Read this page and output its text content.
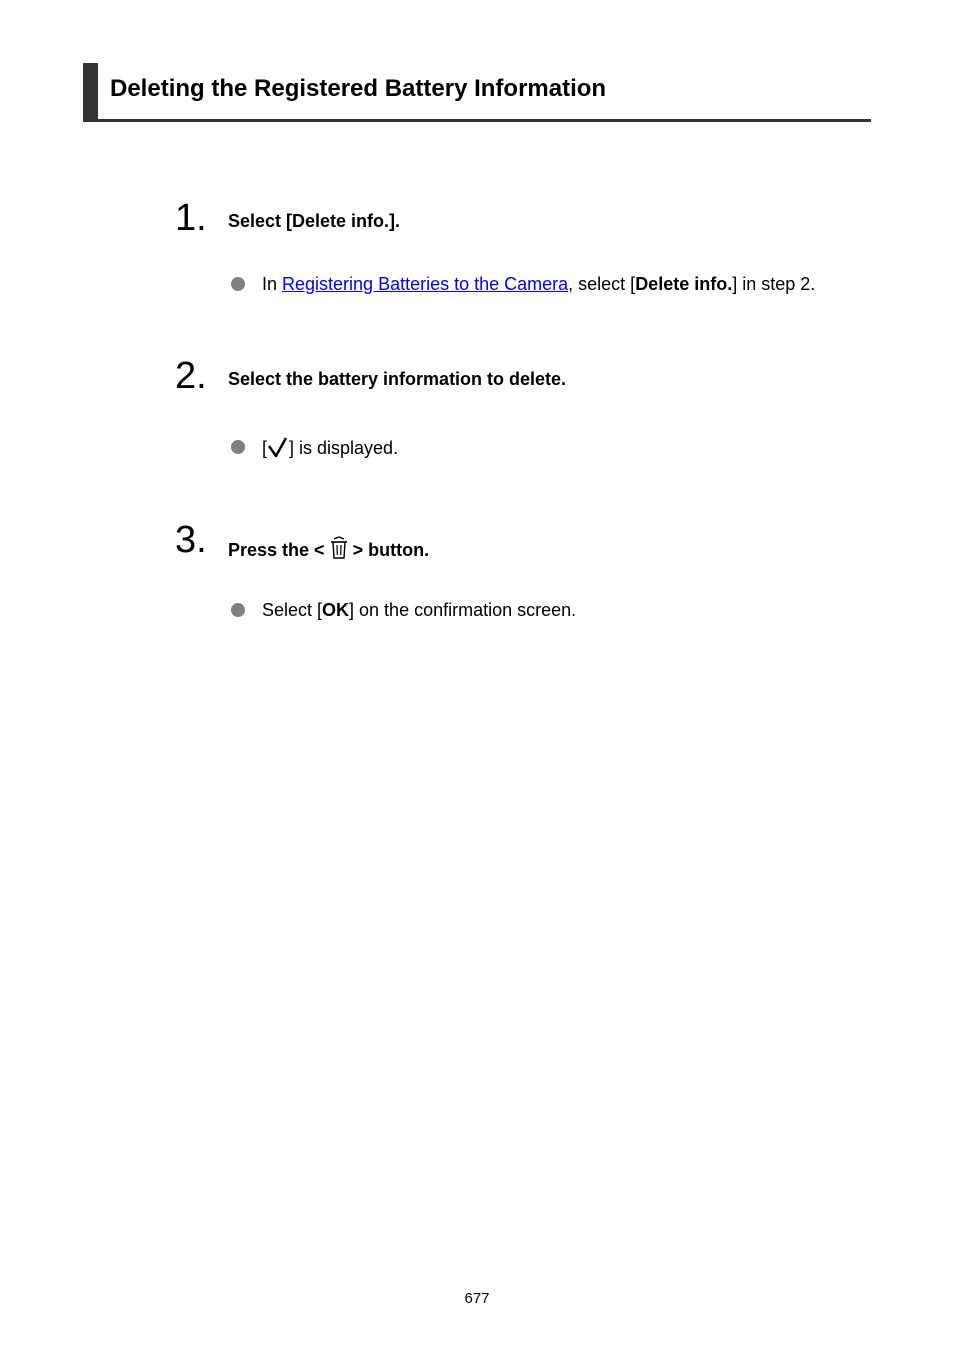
Deleting the Registered Battery Information
1. Select [Delete info.].
In Registering Batteries to the Camera, select [Delete info.] in step 2.
2. Select the battery information to delete.
[ ] is displayed.
3. Press the < > button.
Select [OK] on the confirmation screen.
677
